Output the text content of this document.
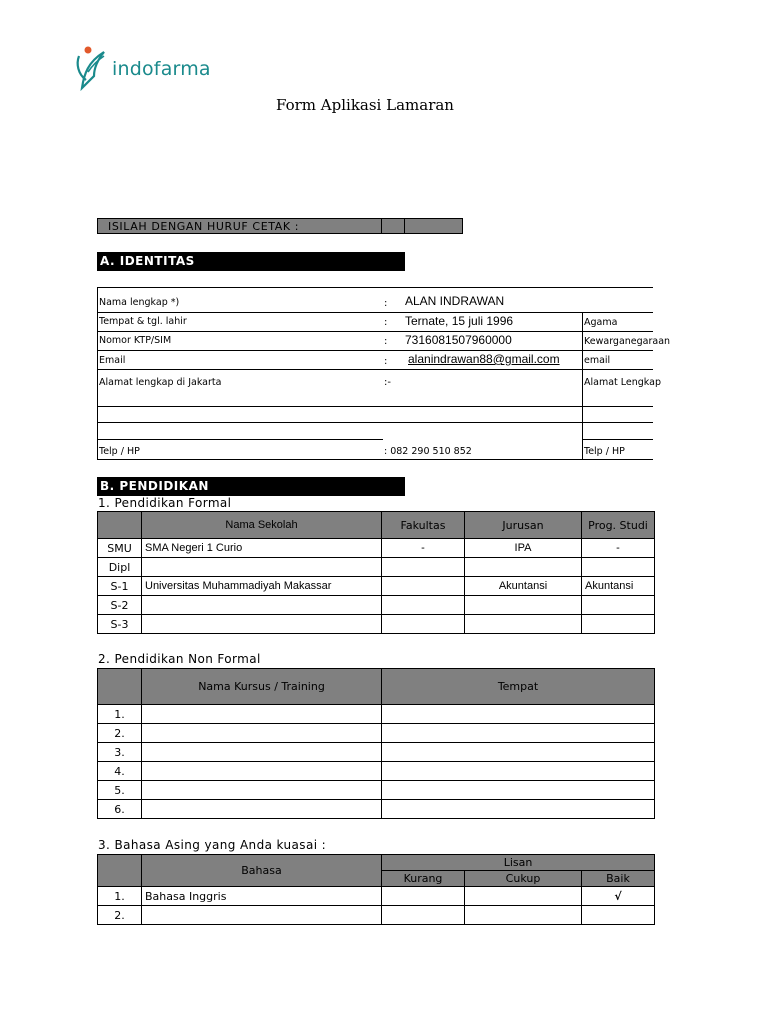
indofarma
Form Aplikasi Lamaran
ISILAH DENGAN HURUF CETAK :
A. IDENTITAS
Nama lengkap *)	: ALAN INDRAWAN
Tempat & tgl. lahir	: Ternate, 15 juli 1996	Agama
Nomor KTP/SIM	: 7316081507960000	Kewarganegaraan
Email	: alanindrawan88@gmail.com	email
Alamat lengkap di Jakarta	:-	Alamat Lengkap
Telp / HP	: 082 290 510 852	Telp / HP
B. PENDIDIKAN
1. Pendidikan Formal
	Nama Sekolah	Fakultas	Jurusan	Prog. Studi
SMU	SMA Negeri 1 Curio	-	IPA	-
Dipl				
S-1	Universitas Muhammadiyah Makassar		Akuntansi	Akuntansi
S-2				
S-3				
2. Pendidikan Non Formal
	Nama Kursus / Training	Tempat
1.		
2.		
3.		
4.		
5.		
6.		
3. Bahasa Asing yang Anda kuasai :
	Bahasa	Lisan		
		Kurang	Cukup	Baik
1.	Bahasa Inggris			√
2.				
